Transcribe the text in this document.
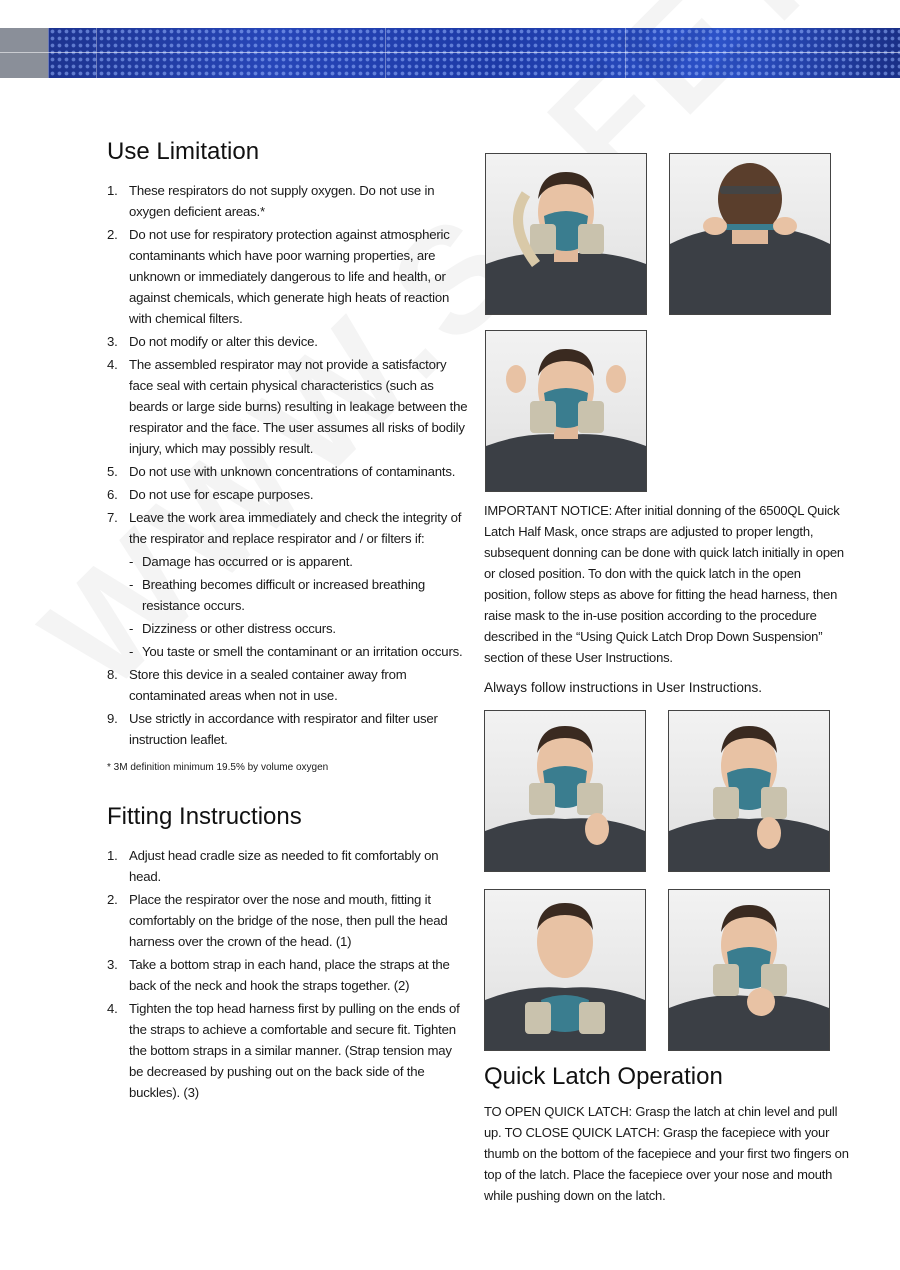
Use Limitation
1. These respirators do not supply oxygen. Do not use in oxygen deficient areas.*
2. Do not use for respiratory protection against atmospheric contaminants which have poor warning properties, are unknown or immediately dangerous to life and health, or against chemicals, which generate high heats of reaction with chemical filters.
3. Do not modify or alter this device.
4. The assembled respirator may not provide a satisfactory face seal with certain physical characteristics (such as beards or large side burns) resulting in leakage between the respirator and the face. The user assumes all risks of bodily injury, which may possibly result.
5. Do not use with unknown concentrations of contaminants.
6. Do not use for escape purposes.
7. Leave the work area immediately and check the integrity of the respirator and replace respirator and / or filters if:
- Damage has occurred or is apparent.
- Breathing becomes difficult or increased breathing resistance occurs.
- Dizziness or other distress occurs.
- You taste or smell the contaminant or an irritation occurs.
8. Store this device in a sealed container away from contaminated areas when not in use.
9. Use strictly in accordance with respirator and filter user instruction leaflet.

* 3M definition minimum 19.5% by volume oxygen

Fitting Instructions
1. Adjust head cradle size as needed to fit comfortably on head.
2. Place the respirator over the nose and mouth, fitting it comfortably on the bridge of the nose, then pull the head harness over the crown of the head. (1)
3. Take a bottom strap in each hand, place the straps at the back of the neck and hook the straps together. (2)
4. Tighten the top head harness first by pulling on the ends of the straps to achieve a comfortable and secure fit. Tighten the bottom straps in a similar manner. (Strap tension may be decreased by pushing out on the back side of the buckles). (3)

IMPORTANT NOTICE: After initial donning of the 6500QL Quick Latch Half Mask, once straps are adjusted to proper length, subsequent donning can be done with quick latch initially in open or closed position. To don with the quick latch in the open position, follow steps as above for fitting the head harness, then raise mask to the in-use position according to the procedure described in the “Using Quick Latch Drop Down Suspension” section of these User Instructions.

Always follow instructions in User Instructions.

Quick Latch Operation

TO OPEN QUICK LATCH: Grasp the latch at chin level and pull up. TO CLOSE QUICK LATCH: Grasp the facepiece with your thumb on the bottom of the facepiece and your first two fingers on top of the latch. Place the facepiece over your nose and mouth while pushing down on the latch.
